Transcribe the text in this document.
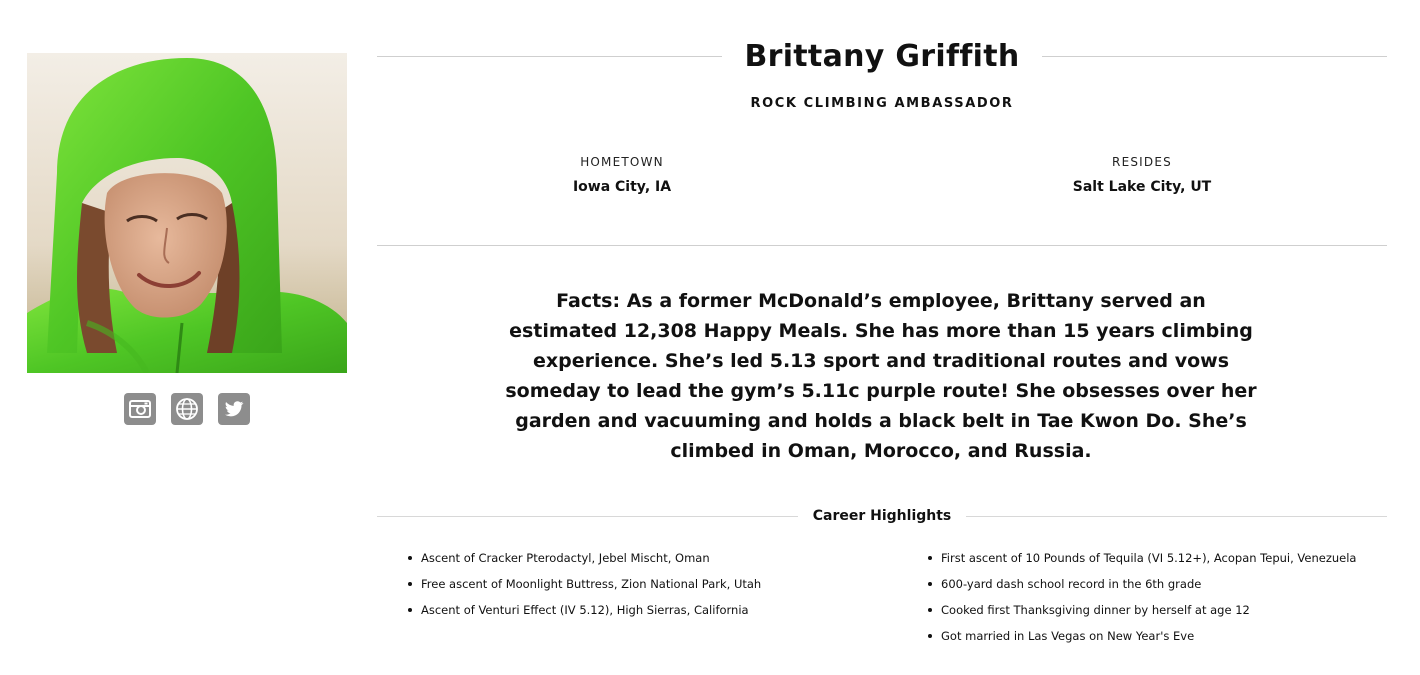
Brittany Griffith
ROCK CLIMBING AMBASSADOR
HOMETOWN
Iowa City, IA
RESIDES
Salt Lake City, UT
Facts: As a former McDonald’s employee, Brittany served an estimated 12,308 Happy Meals. She has more than 15 years climbing experience. She’s led 5.13 sport and traditional routes and vows someday to lead the gym’s 5.11c purple route! She obsesses over her garden and vacuuming and holds a black belt in Tae Kwon Do. She’s climbed in Oman, Morocco, and Russia.
Career Highlights
Ascent of Cracker Pterodactyl, Jebel Mischt, Oman
Free ascent of Moonlight Buttress, Zion National Park, Utah
Ascent of Venturi Effect (IV 5.12), High Sierras, California
First ascent of 10 Pounds of Tequila (VI 5.12+), Acopan Tepui, Venezuela
600-yard dash school record in the 6th grade
Cooked first Thanksgiving dinner by herself at age 12
Got married in Las Vegas on New Year's Eve
